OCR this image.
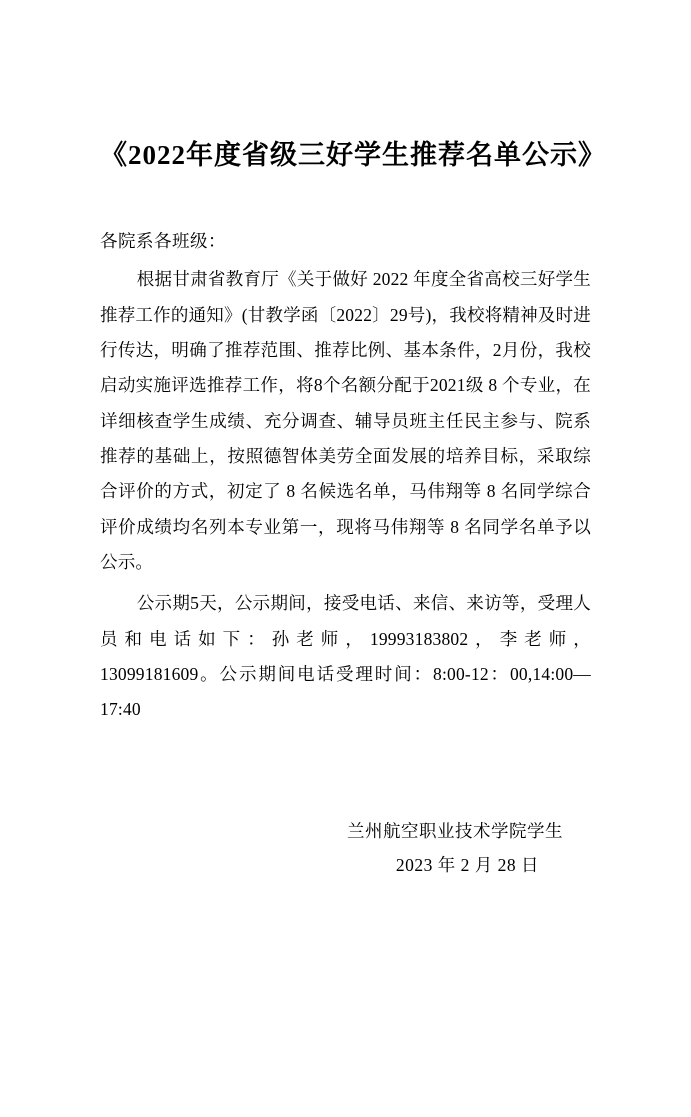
《2022年度省级三好学生推荐名单公示》
各院系各班级：

根据甘肃省教育厅《关于做好 2022 年度全省高校三好学生推荐工作的通知》(甘教学函〔2022〕29号)，我校将精神及时进行传达，明确了推荐范围、推荐比例、基本条件，2月份，我校启动实施评选推荐工作，将8个名额分配于2021级 8 个专业，在详细核查学生成绩、充分调查、辅导员班主任民主参与、院系推荐的基础上，按照德智体美劳全面发展的培养目标，采取综合评价的方式，初定了 8 名候选名单，马伟翔等 8 名同学综合评价成绩均名列本专业第一，现将马伟翔等 8 名同学名单予以公示。

公示期5天，公示期间，接受电话、来信、来访等，受理人员和电话如下：孙老师，19993183802，李老师，13099181609。公示期间电话受理时间：8:00-12：00,14:00—17:40

兰州航空职业技术学院学生
2023 年 2 月 28 日
